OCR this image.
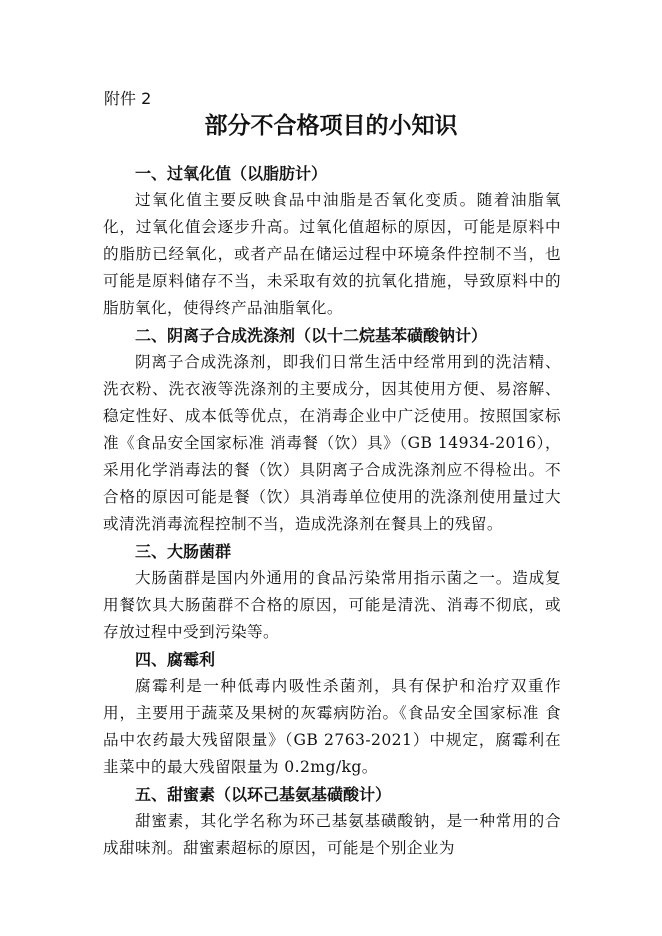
附件 2
部分不合格项目的小知识

一、过氧化值（以脂肪计）

过氧化值主要反映食品中油脂是否氧化变质。随着油脂氧化，过氧化值会逐步升高。过氧化值超标的原因，可能是原料中的脂肪已经氧化，或者产品在储运过程中环境条件控制不当，也可能是原料储存不当，未采取有效的抗氧化措施，导致原料中的脂肪氧化，使得终产品油脂氧化。

二、阴离子合成洗涤剂（以十二烷基苯磺酸钠计）

阴离子合成洗涤剂，即我们日常生活中经常用到的洗洁精、洗衣粉、洗衣液等洗涤剂的主要成分，因其使用方便、易溶解、稳定性好、成本低等优点，在消毒企业中广泛使用。按照国家标准《食品安全国家标准 消毒餐（饮）具》（GB 14934-2016），采用化学消毒法的餐（饮）具阴离子合成洗涤剂应不得检出。不合格的原因可能是餐（饮）具消毒单位使用的洗涤剂使用量过大或清洗消毒流程控制不当，造成洗涤剂在餐具上的残留。

三、大肠菌群

大肠菌群是国内外通用的食品污染常用指示菌之一。造成复用餐饮具大肠菌群不合格的原因，可能是清洗、消毒不彻底，或存放过程中受到污染等。

四、腐霉利

腐霉利是一种低毒内吸性杀菌剂，具有保护和治疗双重作用，主要用于蔬菜及果树的灰霉病防治。《食品安全国家标准 食品中农药最大残留限量》（GB 2763-2021）中规定，腐霉利在韭菜中的最大残留限量为 0.2mg/kg。

五、甜蜜素（以环己基氨基磺酸计）

甜蜜素，其化学名称为环己基氨基磺酸钠，是一种常用的合成甜味剂。甜蜜素超标的原因，可能是个别企业为
